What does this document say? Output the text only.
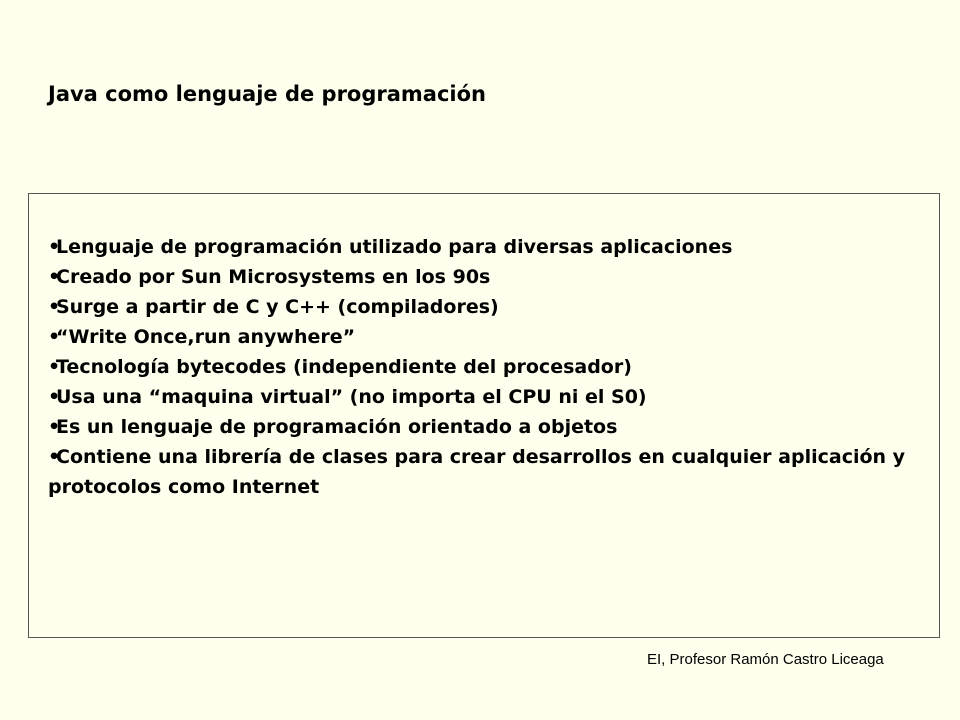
Java como lenguaje de programación
• Lenguaje de programación utilizado para diversas aplicaciones
• Creado por Sun Microsystems en los 90s
• Surge a partir de C y C++ (compiladores)
• “Write Once,run anywhere”
• Tecnología bytecodes (independiente del procesador)
• Usa una “maquina virtual” (no importa el CPU ni el S0)
• Es un lenguaje de programación orientado a objetos
• Contiene una librería de clases para crear desarrollos en cualquier aplicación y protocolos como Internet
EI, Profesor Ramón Castro Liceaga
